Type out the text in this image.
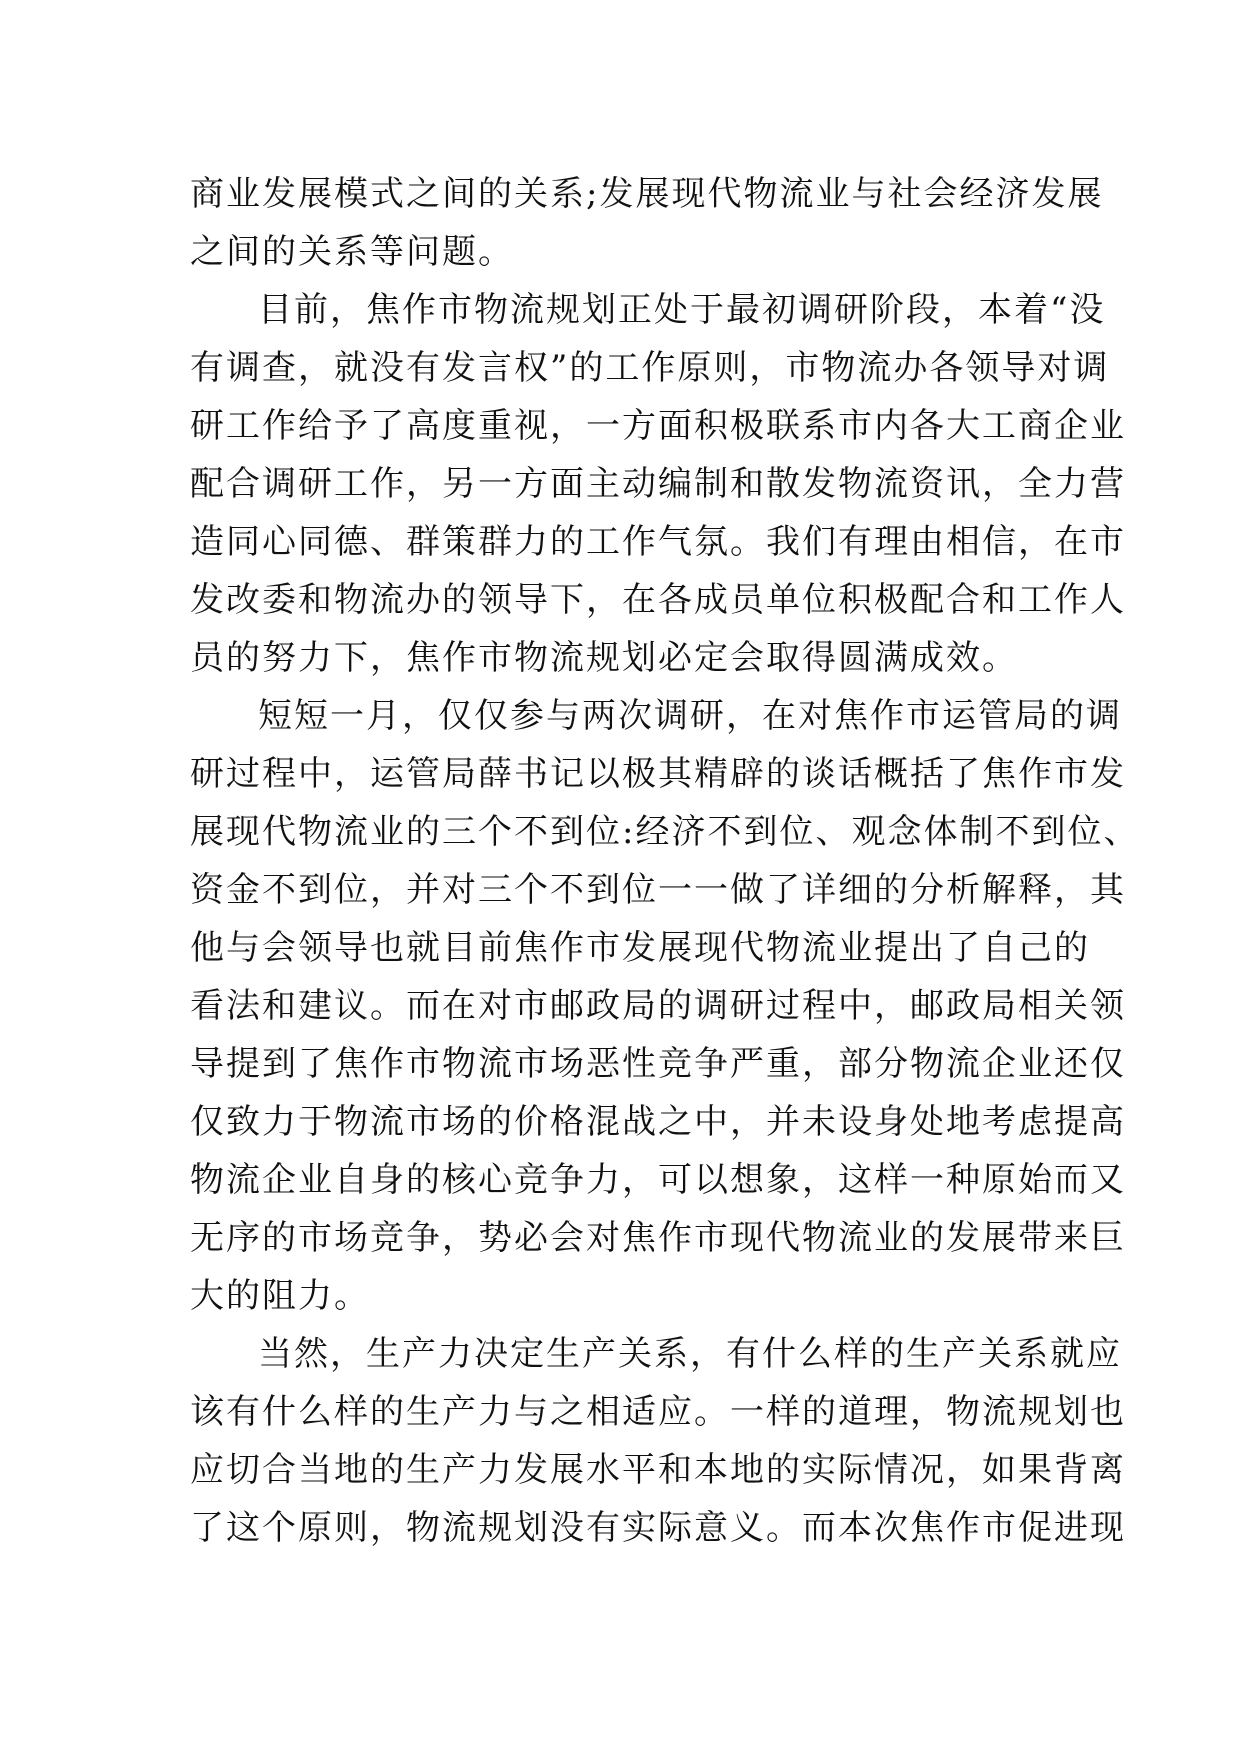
商业发展模式之间的关系;发展现代物流业与社会经济发展
之间的关系等问题。
目前，焦作市物流规划正处于最初调研阶段，本着“没
有调查，就没有发言权”的工作原则，市物流办各领导对调
研工作给予了高度重视，一方面积极联系市内各大工商企业
配合调研工作，另一方面主动编制和散发物流资讯，全力营
造同心同德、群策群力的工作气氛。我们有理由相信，在市
发改委和物流办的领导下，在各成员单位积极配合和工作人
员的努力下，焦作市物流规划必定会取得圆满成效。
短短一月，仅仅参与两次调研，在对焦作市运管局的调
研过程中，运管局薛书记以极其精辟的谈话概括了焦作市发
展现代物流业的三个不到位:经济不到位、观念体制不到位、
资金不到位，并对三个不到位一一做了详细的分析解释，其
他与会领导也就目前焦作市发展现代物流业提出了自己的
看法和建议。而在对市邮政局的调研过程中，邮政局相关领
导提到了焦作市物流市场恶性竞争严重，部分物流企业还仅
仅致力于物流市场的价格混战之中，并未设身处地考虑提高
物流企业自身的核心竞争力，可以想象，这样一种原始而又
无序的市场竞争，势必会对焦作市现代物流业的发展带来巨
大的阻力。
当然，生产力决定生产关系，有什么样的生产关系就应
该有什么样的生产力与之相适应。一样的道理，物流规划也
应切合当地的生产力发展水平和本地的实际情况，如果背离
了这个原则，物流规划没有实际意义。而本次焦作市促进现
